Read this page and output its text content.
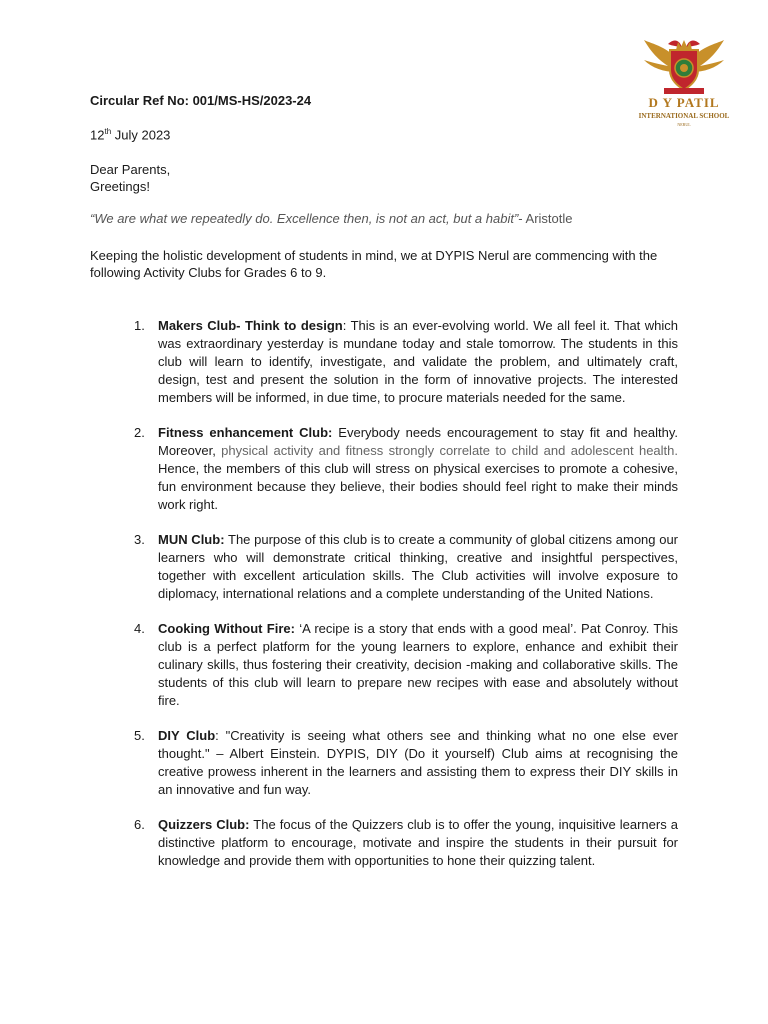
D Y PATIL
INTERNATIONAL SCHOOL
NERUL
Circular Ref No: 001/MS-HS/2023-24
12th July 2023
Dear Parents,
Greetings!
“We are what we repeatedly do. Excellence then, is not an act, but a habit”- Aristotle
Keeping the holistic development of students in mind, we at DYPIS Nerul are commencing with the following Activity Clubs for Grades 6 to 9.
1. Makers Club- Think to design: This is an ever-evolving world. We all feel it. That which was extraordinary yesterday is mundane today and stale tomorrow. The students in this club will learn to identify, investigate, and validate the problem, and ultimately craft, design, test and present the solution in the form of innovative projects. The interested members will be informed, in due time, to procure materials needed for the same.
2. Fitness enhancement Club: Everybody needs encouragement to stay fit and healthy. Moreover, physical activity and fitness strongly correlate to child and adolescent health. Hence, the members of this club will stress on physical exercises to promote a cohesive, fun environment because they believe, their bodies should feel right to make their minds work right.
3. MUN Club: The purpose of this club is to create a community of global citizens among our learners who will demonstrate critical thinking, creative and insightful perspectives, together with excellent articulation skills. The Club activities will involve exposure to diplomacy, international relations and a complete understanding of the United Nations.
4. Cooking Without Fire: ‘A recipe is a story that ends with a good meal’. Pat Conroy. This club is a perfect platform for the young learners to explore, enhance and exhibit their culinary skills, thus fostering their creativity, decision -making and collaborative skills. The students of this club will learn to prepare new recipes with ease and absolutely without fire.
5. DIY Club: "Creativity is seeing what others see and thinking what no one else ever thought." – Albert Einstein. DYPIS, DIY (Do it yourself) Club aims at recognising the creative prowess inherent in the learners and assisting them to express their DIY skills in an innovative and fun way.
6. Quizzers Club: The focus of the Quizzers club is to offer the young, inquisitive learners a distinctive platform to encourage, motivate and inspire the students in their pursuit for knowledge and provide them with opportunities to hone their quizzing talent.
